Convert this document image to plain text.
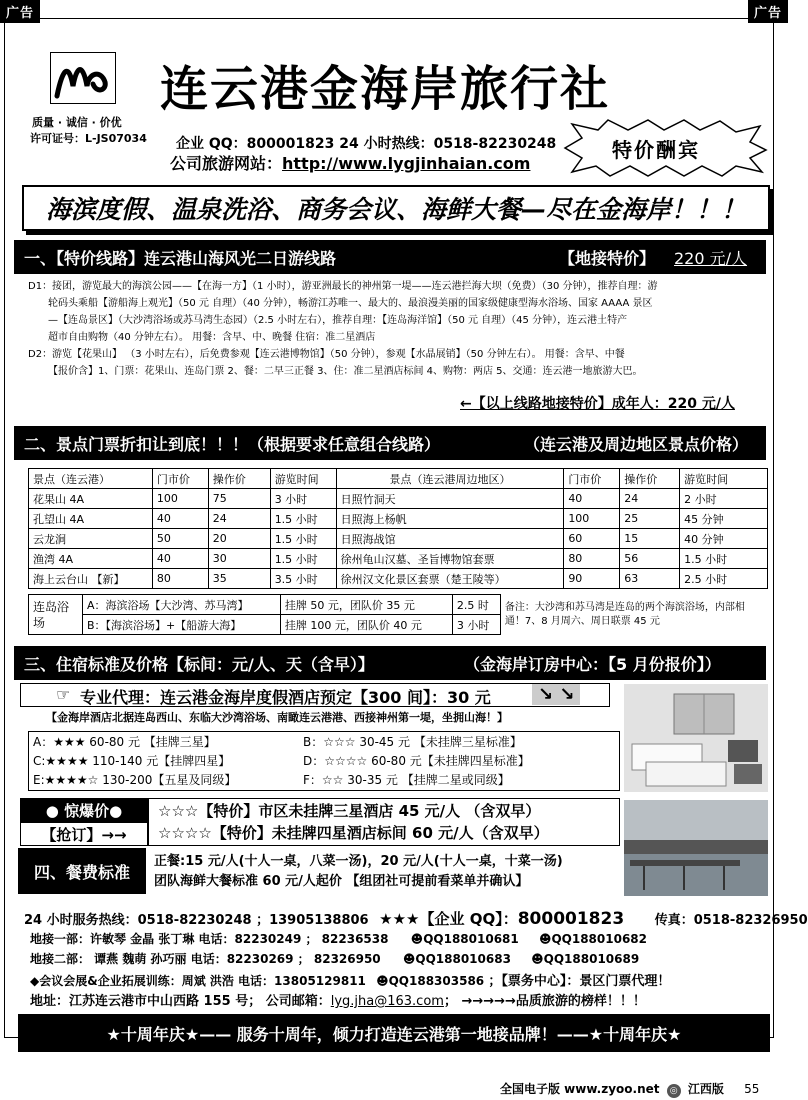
广告	广告
连云港金海岸旅行社
质量 · 诚信 · 价优
许可证号：L-JS07034 企业 QQ：800001823 24 小时热线：0518-82230248
公司旅游网站：http://www.lygjinhaian.com
特价酬宾
海滨度假、温泉洗浴、商务会议、海鲜大餐—尽在金海岸！！！
一、【特价线路】连云港山海风光二日游线路	【地接特价】 220 元/人
D1：接团，游览最大的海滨公园——【在海一方】（1 小时），游亚洲最长的神州第一堤——连云港拦海大坝（免费）（30 分钟），推荐自理：游
轮码头乘船【游船海上观光】（50 元 自理）（40 分钟），畅游江苏唯一、最大的、最浪漫美丽的国家级健康型海水浴场、国家 AAAA 景区
—【连岛景区】（大沙湾浴场或苏马湾生态园）（2.5 小时左右），推荐自理：【连岛海洋馆】（50 元 自理）（45 分钟），连云港土特产
超市自由购物（40 分钟左右）。 用餐：含早、中、晚餐 住宿：准二星酒店
D2：游览【花果山】 （3 小时左右），后免费参观【连云港博物馆】（50 分钟），参观【水晶展销】（50 分钟左右）。 用餐：含早、中餐
【报价含】1、门票：花果山、连岛门票 2、餐：二早三正餐 3、住：准二星酒店标间 4、购物：两店 5、交通：连云港一地旅游大巴。
←【以上线路地接特价】成年人：220 元/人
二、景点门票折扣让到底！！！（根据要求任意组合线路）	（连云港及周边地区景点价格）
景点（连云港）	门市价	操作价	游览时间	景点（连云港周边地区）	门市价	操作价	游览时间
花果山 4A	100	75	3 小时	日照竹洞天	40	24	2 小时
孔望山 4A	40	24	1.5 小时	日照海上杨帆	100	25	45 分钟
云龙涧	50	20	1.5 小时	日照海战馆	60	15	40 分钟
渔湾 4A	40	30	1.5 小时	徐州龟山汉墓、圣旨博物馆套票	80	56	1.5 小时
海上云台山 【新】	80	35	3.5 小时	徐州汉文化景区套票（楚王陵等）	90	63	2.5 小时
连岛浴场	A：海滨浴场【大沙湾、苏马湾】	挂牌 50 元，团队价 35 元	2.5 时	备注：大沙湾和苏马湾是连岛的两个海滨浴场，内部相通！7、8 月周六、周日联票 45 元
	B：【海滨浴场】+【船游大海】	挂牌 100 元，团队价 40 元	3 小时	
三、住宿标准及价格【标间：元/人、天（含早）】	（金海岸订房中心：【5 月份报价】）
☞ 专业代理：连云港金海岸度假酒店预定【300 间】：30 元	↘ ↘
【金海岸酒店北据连岛西山、东临大沙湾浴场、南瞰连云港港、西接神州第一堤，坐拥山海！】
A：★★★ 60-80 元 【挂牌三星】	B：☆☆☆ 30-45 元 【未挂牌三星标准】
C:★★★★ 110-140 元【挂牌四星】	D：☆☆☆☆ 60-80 元【未挂牌四星标准】
E:★★★★☆ 130-200【五星及同级】	F：☆☆ 30-35 元 【挂牌二星或同级】
● 惊爆价●
【抢订】→→
☆☆☆【特价】市区未挂牌三星酒店 45 元/人 （含双早）
☆☆☆☆【特价】未挂牌四星酒店标间 60 元/人（含双早）
四、餐费标准
正餐:15 元/人(十人一桌，八菜一汤)，20 元/人(十人一桌，十菜一汤)
团队海鲜大餐标准 60 元/人起价 【组团社可提前看菜单并确认】
24 小时服务热线：0518-82230248 ；13905138806 ★★★【企业 QQ】：800001823 传真：0518-82326950
地接一部：许敏琴 金晶 张丁琳 电话：82230249 ； 82236538 ☻QQ188010681 ☻QQ188010682
地接二部： 谭燕 魏萌 孙巧丽 电话：82230269 ； 82326950 ☻QQ188010683 ☻QQ188010689
◆会议会展&企业拓展训练：周斌 洪浩 电话：13805129811 ☻QQ188303586 ；【票务中心】：景区门票代理！
地址：江苏连云港市中山西路 155 号； 公司邮箱：lyg.jha@163.com； →→→→→品质旅游的榜样！！！
★十周年庆★—— 服务十周年，倾力打造连云港第一地接品牌！——★十周年庆★
全国电子版 www.zyoo.net ◎ 江西版 55
